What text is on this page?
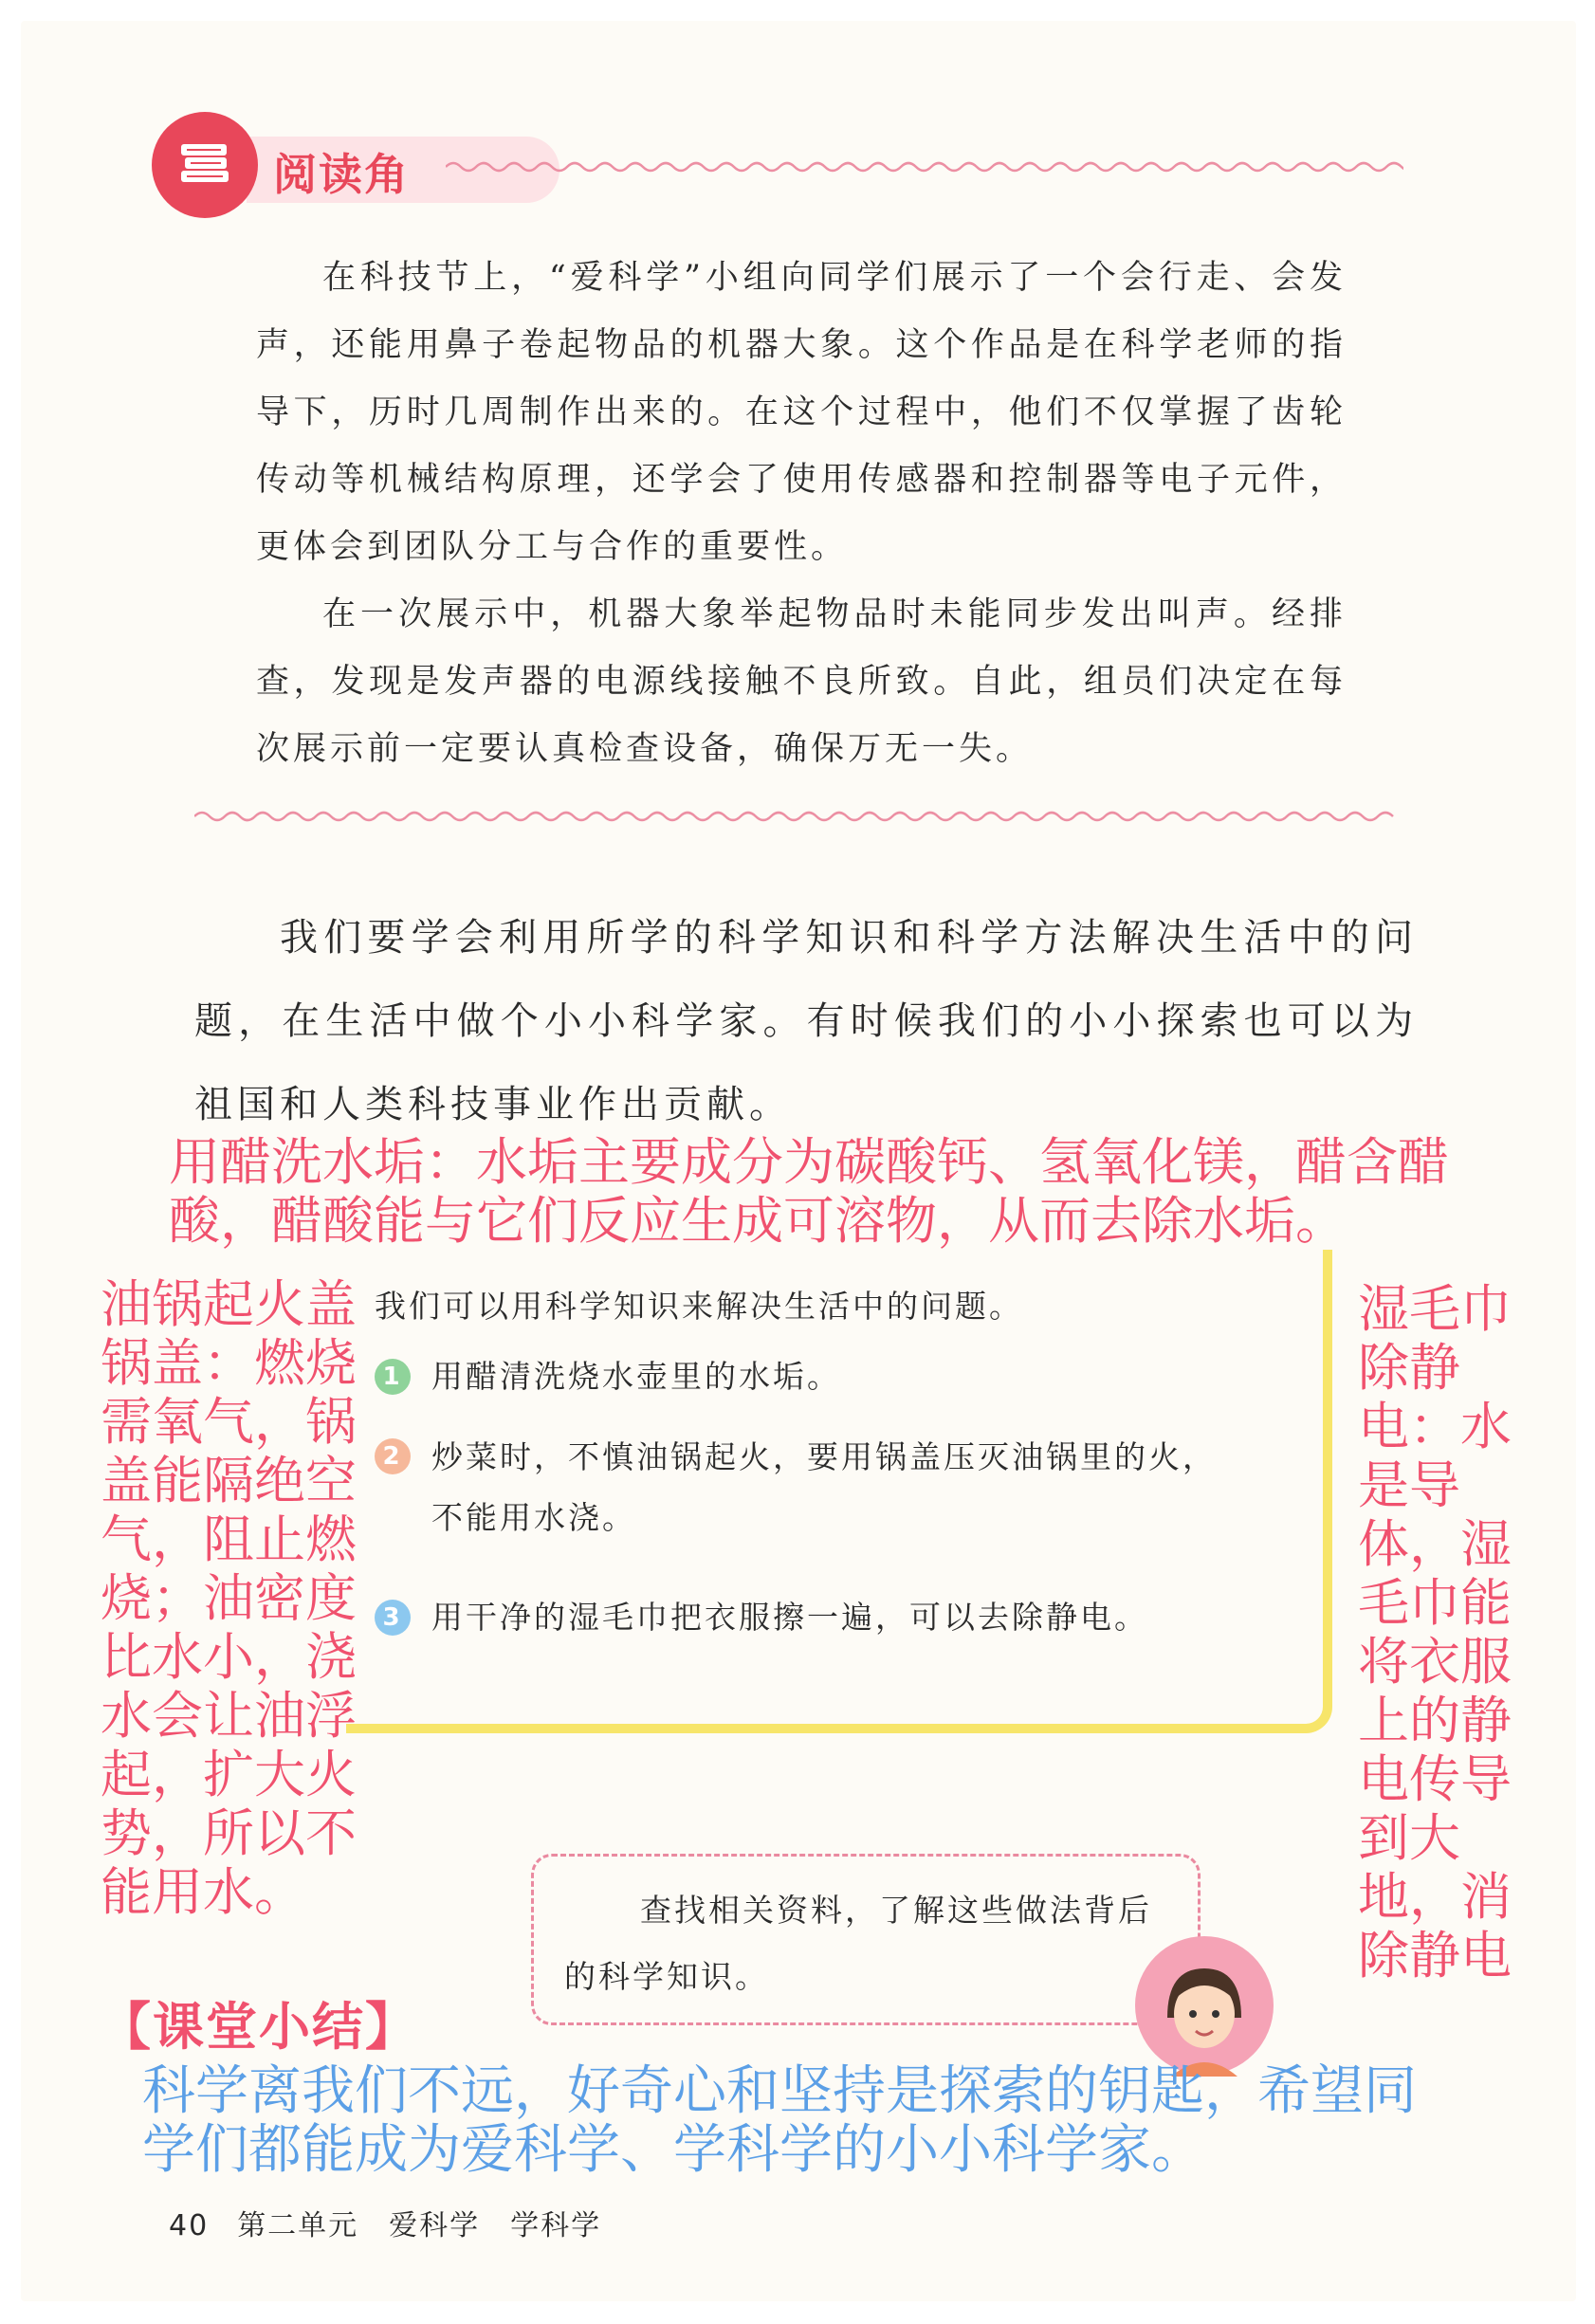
阅读角

在科技节上，“爱科学”小组向同学们展示了一个会行走、会发声，还能用鼻子卷起物品的机器大象。这个作品是在科学老师的指导下，历时几周制作出来的。在这个过程中，他们不仅掌握了齿轮传动等机械结构原理，还学会了使用传感器和控制器等电子元件，更体会到团队分工与合作的重要性。

在一次展示中，机器大象举起物品时未能同步发出叫声。经排查，发现是发声器的电源线接触不良所致。自此，组员们决定在每次展示前一定要认真检查设备，确保万无一失。

我们要学会利用所学的科学知识和科学方法解决生活中的问题，在生活中做个小小科学家。有时候我们的小小探索也可以为祖国和人类科技事业作出贡献。

我们可以用科学知识来解决生活中的问题。
1 用醋清洗烧水壶里的水垢。
2 炒菜时，不慎油锅起火，要用锅盖压灭油锅里的火，不能用水浇。
3 用干净的湿毛巾把衣服擦一遍，可以去除静电。
用醋洗水垢：水垢主要成分为碳酸钙、氢氧化镁，醋含醋酸，醋酸能与它们反应生成可溶物，从而去除水垢。
油锅起火盖锅盖：燃烧需氧气，锅盖能隔绝空气，阻止燃烧；油密度比水小，浇水会让油浮起，扩大火势，所以不能用水。
湿毛巾除静电：水是导体，湿毛巾能将衣服上的静电传导到大地，消除静电
查找相关资料，了解这些做法背后的科学知识。
【课堂小结】
科学离我们不远，好奇心和坚持是探索的钥匙，希望同学们都能成为爱科学、学科学的小小科学家。
40 第二单元　爱科学　学科学
